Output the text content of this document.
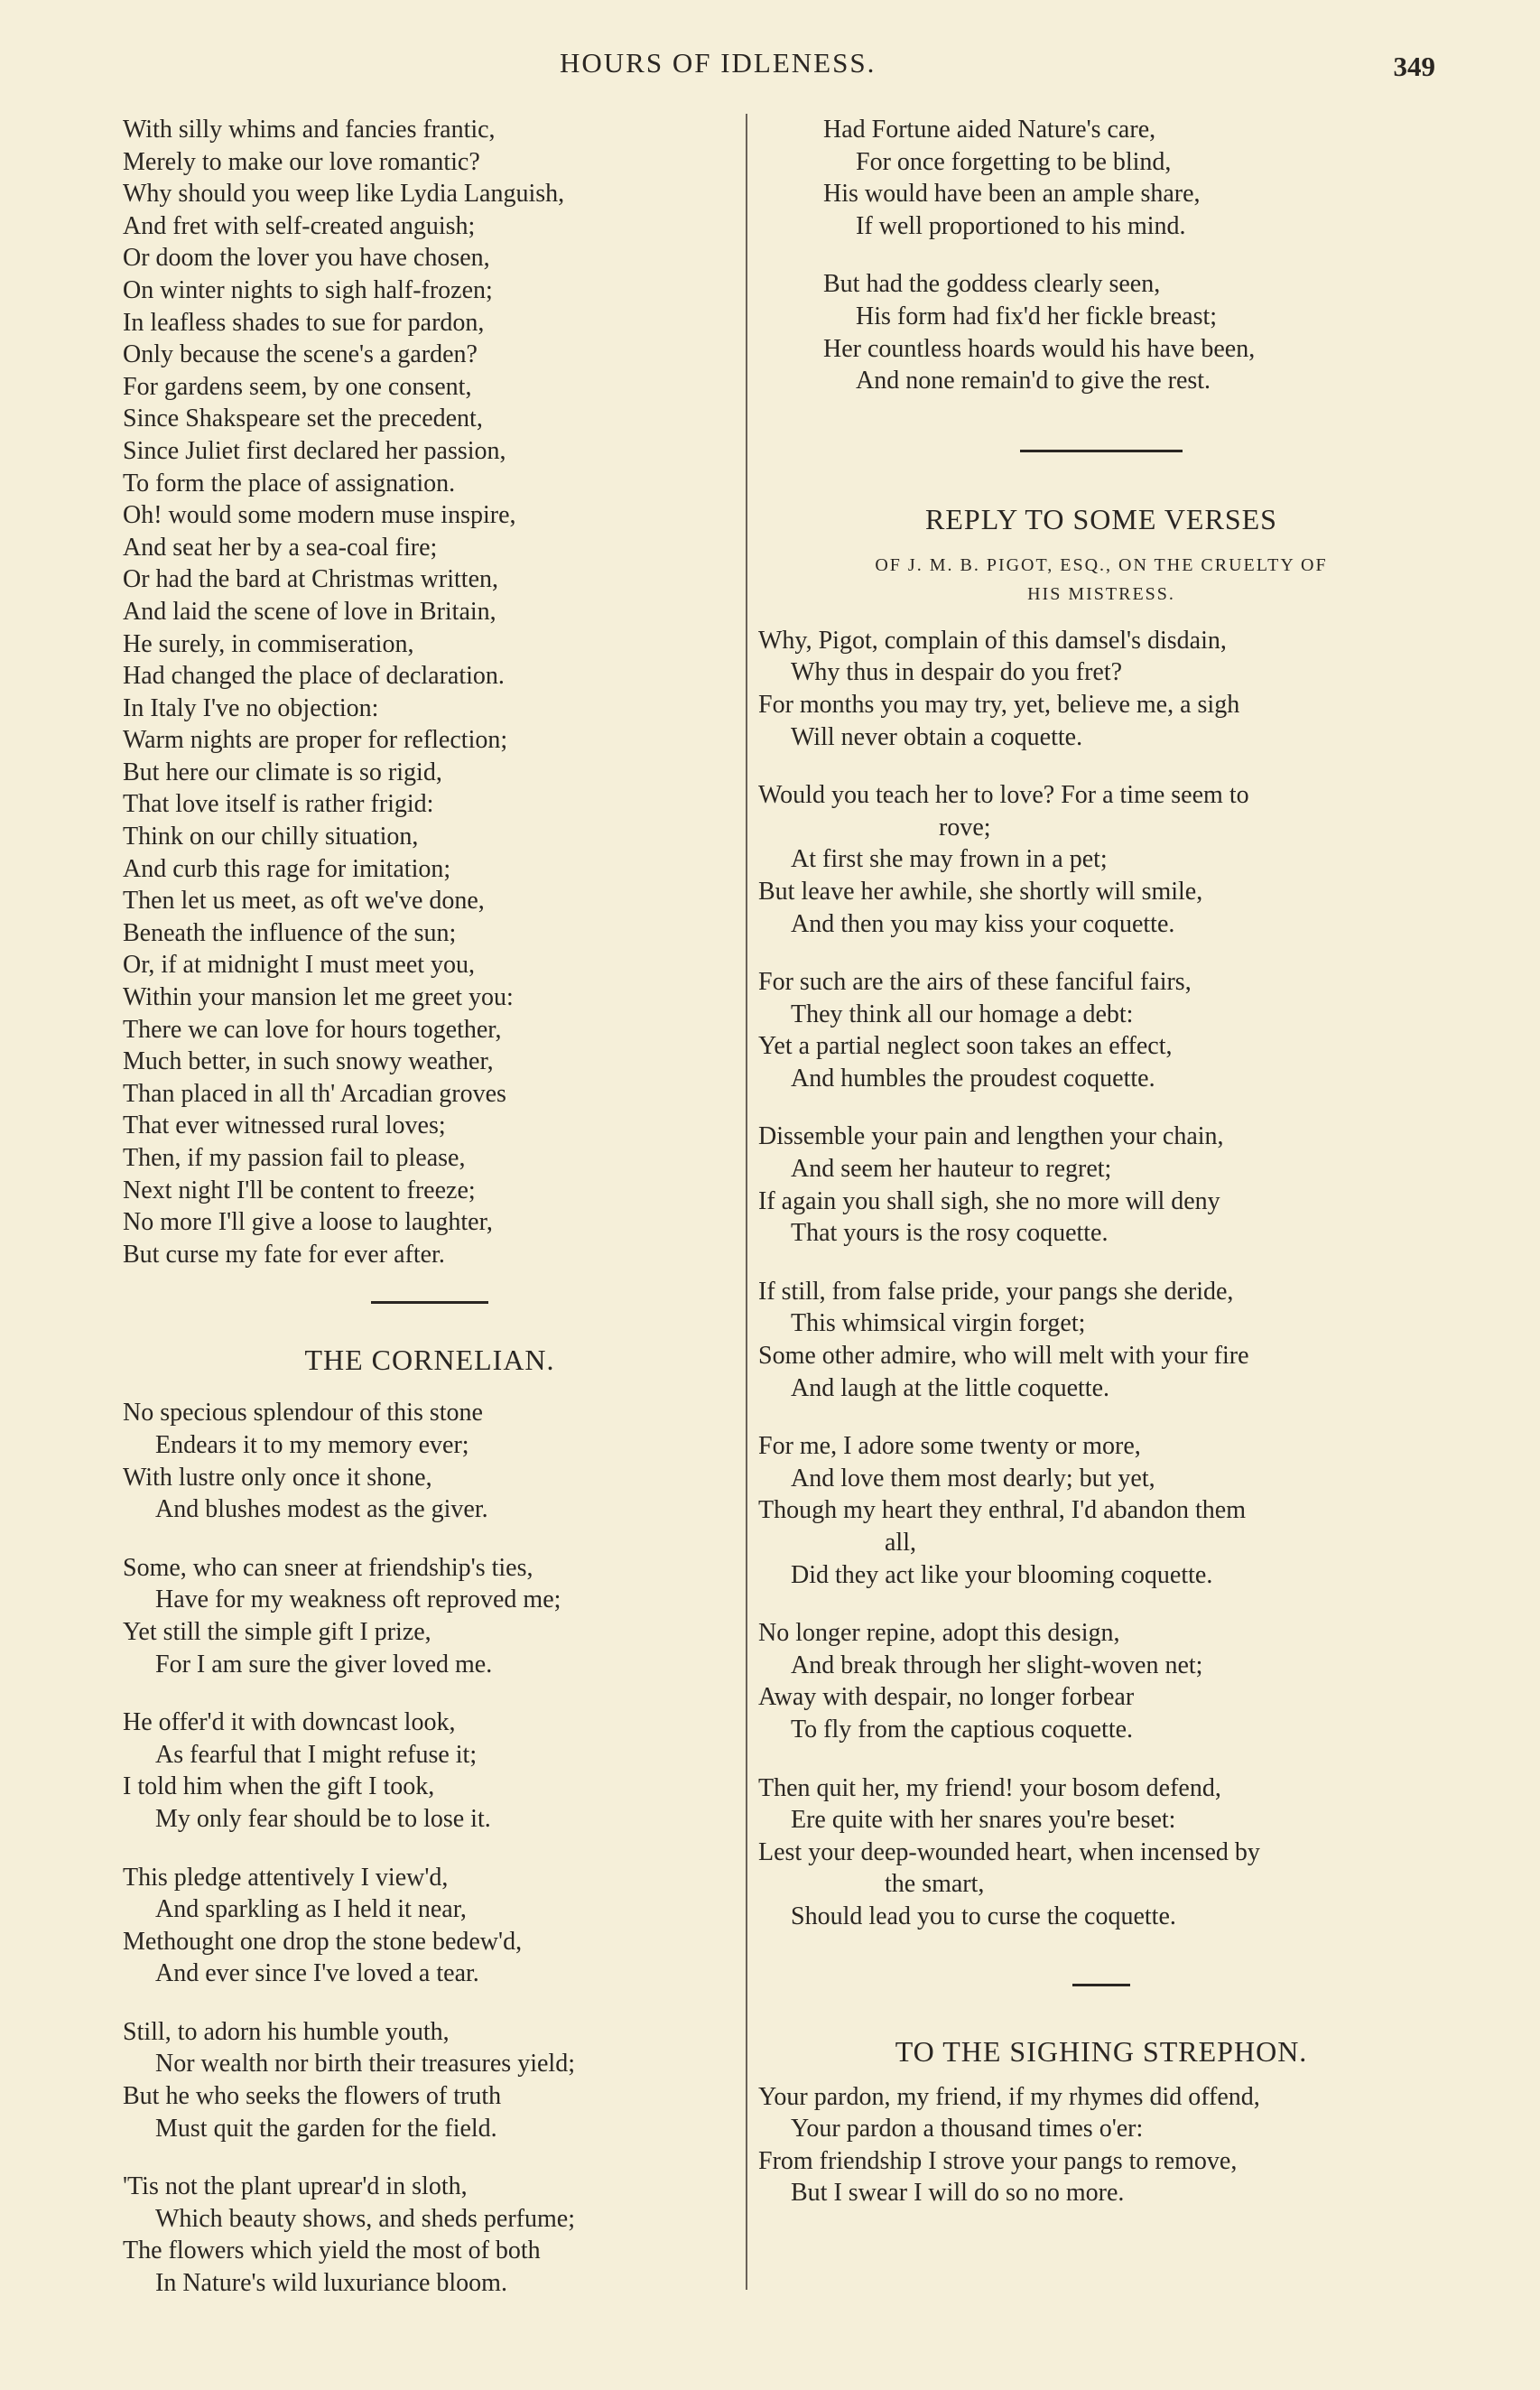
HOURS OF IDLENESS.	349
With silly whims and fancies frantic,
Merely to make our love romantic?
Why should you weep like Lydia Languish,
And fret with self-created anguish;
Or doom the lover you have chosen,
On winter nights to sigh half-frozen;
In leafless shades to sue for pardon,
Only because the scene's a garden?
For gardens seem, by one consent,
Since Shakspeare set the precedent,
Since Juliet first declared her passion,
To form the place of assignation.
Oh! would some modern muse inspire,
And seat her by a sea-coal fire;
Or had the bard at Christmas written,
And laid the scene of love in Britain,
He surely, in commiseration,
Had changed the place of declaration.
In Italy I've no objection:
Warm nights are proper for reflection;
But here our climate is so rigid,
That love itself is rather frigid:
Think on our chilly situation,
And curb this rage for imitation;
Then let us meet, as oft we've done,
Beneath the influence of the sun;
Or, if at midnight I must meet you,
Within your mansion let me greet you:
There we can love for hours together,
Much better, in such snowy weather,
Than placed in all th' Arcadian groves
That ever witnessed rural loves;
Then, if my passion fail to please,
Next night I'll be content to freeze;
No more I'll give a loose to laughter,
But curse my fate for ever after.
THE CORNELIAN.
No specious splendour of this stone
Endears it to my memory ever;
With lustre only once it shone,
And blushes modest as the giver.
Some, who can sneer at friendship's ties,
Have for my weakness oft reproved me;
Yet still the simple gift I prize,
For I am sure the giver loved me.
He offer'd it with downcast look,
As fearful that I might refuse it;
I told him when the gift I took,
My only fear should be to lose it.
This pledge attentively I view'd,
And sparkling as I held it near,
Methought one drop the stone bedew'd,
And ever since I've loved a tear.
Still, to adorn his humble youth,
Nor wealth nor birth their treasures yield;
But he who seeks the flowers of truth
Must quit the garden for the field.
'Tis not the plant uprear'd in sloth,
Which beauty shows, and sheds perfume;
The flowers which yield the most of both
In Nature's wild luxuriance bloom.
Had Fortune aided Nature's care,
For once forgetting to be blind,
His would have been an ample share,
If well proportioned to his mind.
But had the goddess clearly seen,
His form had fix'd her fickle breast;
Her countless hoards would his have been,
And none remain'd to give the rest.
REPLY TO SOME VERSES
OF J. M. B. PIGOT, ESQ., ON THE CRUELTY OF
HIS MISTRESS.
Why, Pigot, complain of this damsel's disdain,
Why thus in despair do you fret?
For months you may try, yet, believe me, a sigh
Will never obtain a coquette.
Would you teach her to love? For a time seem to
rove;
At first she may frown in a pet;
But leave her awhile, she shortly will smile,
And then you may kiss your coquette.
For such are the airs of these fanciful fairs,
They think all our homage a debt:
Yet a partial neglect soon takes an effect,
And humbles the proudest coquette.
Dissemble your pain and lengthen your chain,
And seem her hauteur to regret;
If again you shall sigh, she no more will deny
That yours is the rosy coquette.
If still, from false pride, your pangs she deride,
This whimsical virgin forget;
Some other admire, who will melt with your fire
And laugh at the little coquette.
For me, I adore some twenty or more,
And love them most dearly; but yet,
Though my heart they enthral, I'd abandon them
all,
Did they act like your blooming coquette.
No longer repine, adopt this design,
And break through her slight-woven net;
Away with despair, no longer forbear
To fly from the captious coquette.
Then quit her, my friend! your bosom defend,
Ere quite with her snares you're beset:
Lest your deep-wounded heart, when incensed by
the smart,
Should lead you to curse the coquette.
TO THE SIGHING STREPHON.
Your pardon, my friend, if my rhymes did offend,
Your pardon a thousand times o'er:
From friendship I strove your pangs to remove,
But I swear I will do so no more.
